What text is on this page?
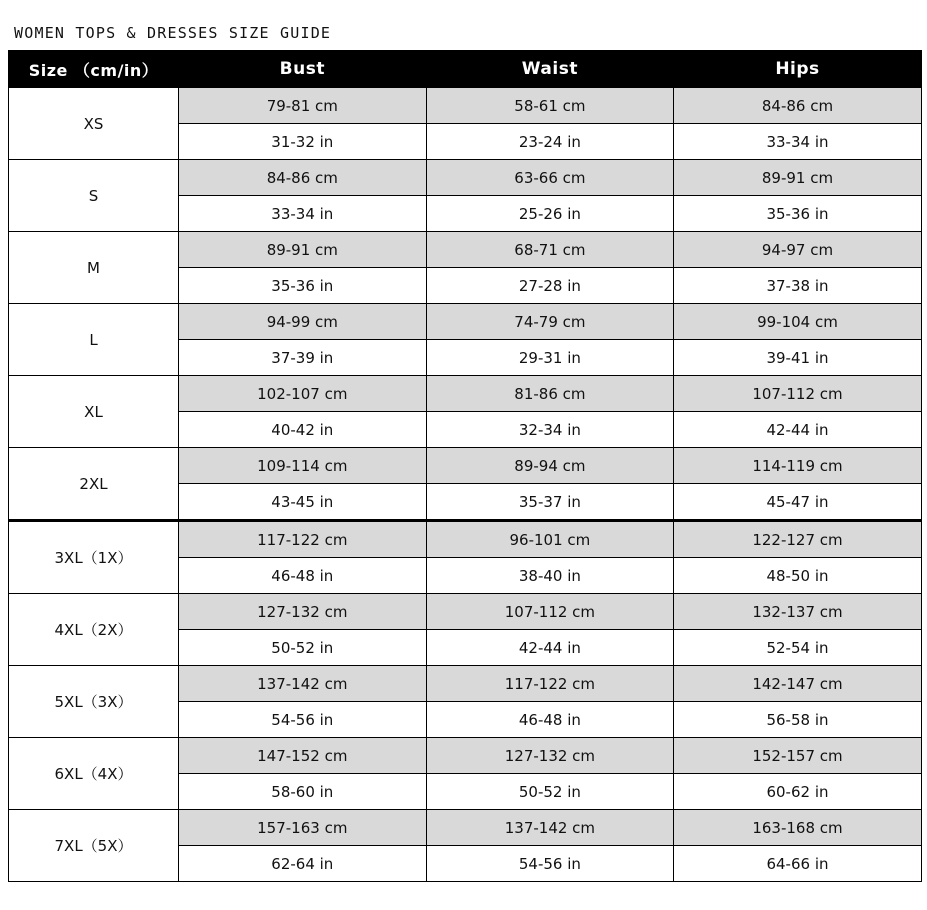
WOMEN TOPS & DRESSES SIZE GUIDE
Size （cm/in）	Bust	Waist	Hips
XS	79-81 cm	58-61 cm	84-86 cm
	31-32 in	23-24 in	33-34 in
S	84-86 cm	63-66 cm	89-91 cm
	33-34 in	25-26 in	35-36 in
M	89-91 cm	68-71 cm	94-97 cm
	35-36 in	27-28 in	37-38 in
L	94-99 cm	74-79 cm	99-104 cm
	37-39 in	29-31 in	39-41 in
XL	102-107 cm	81-86 cm	107-112 cm
	40-42 in	32-34 in	42-44 in
2XL	109-114 cm	89-94 cm	114-119 cm
	43-45 in	35-37 in	45-47 in
3XL（1X）	117-122 cm	96-101 cm	122-127 cm
	46-48 in	38-40 in	48-50 in
4XL（2X）	127-132 cm	107-112 cm	132-137 cm
	50-52 in	42-44 in	52-54 in
5XL（3X）	137-142 cm	117-122 cm	142-147 cm
	54-56 in	46-48 in	56-58 in
6XL（4X）	147-152 cm	127-132 cm	152-157 cm
	58-60 in	50-52 in	60-62 in
7XL（5X）	157-163 cm	137-142 cm	163-168 cm
	62-64 in	54-56 in	64-66 in
